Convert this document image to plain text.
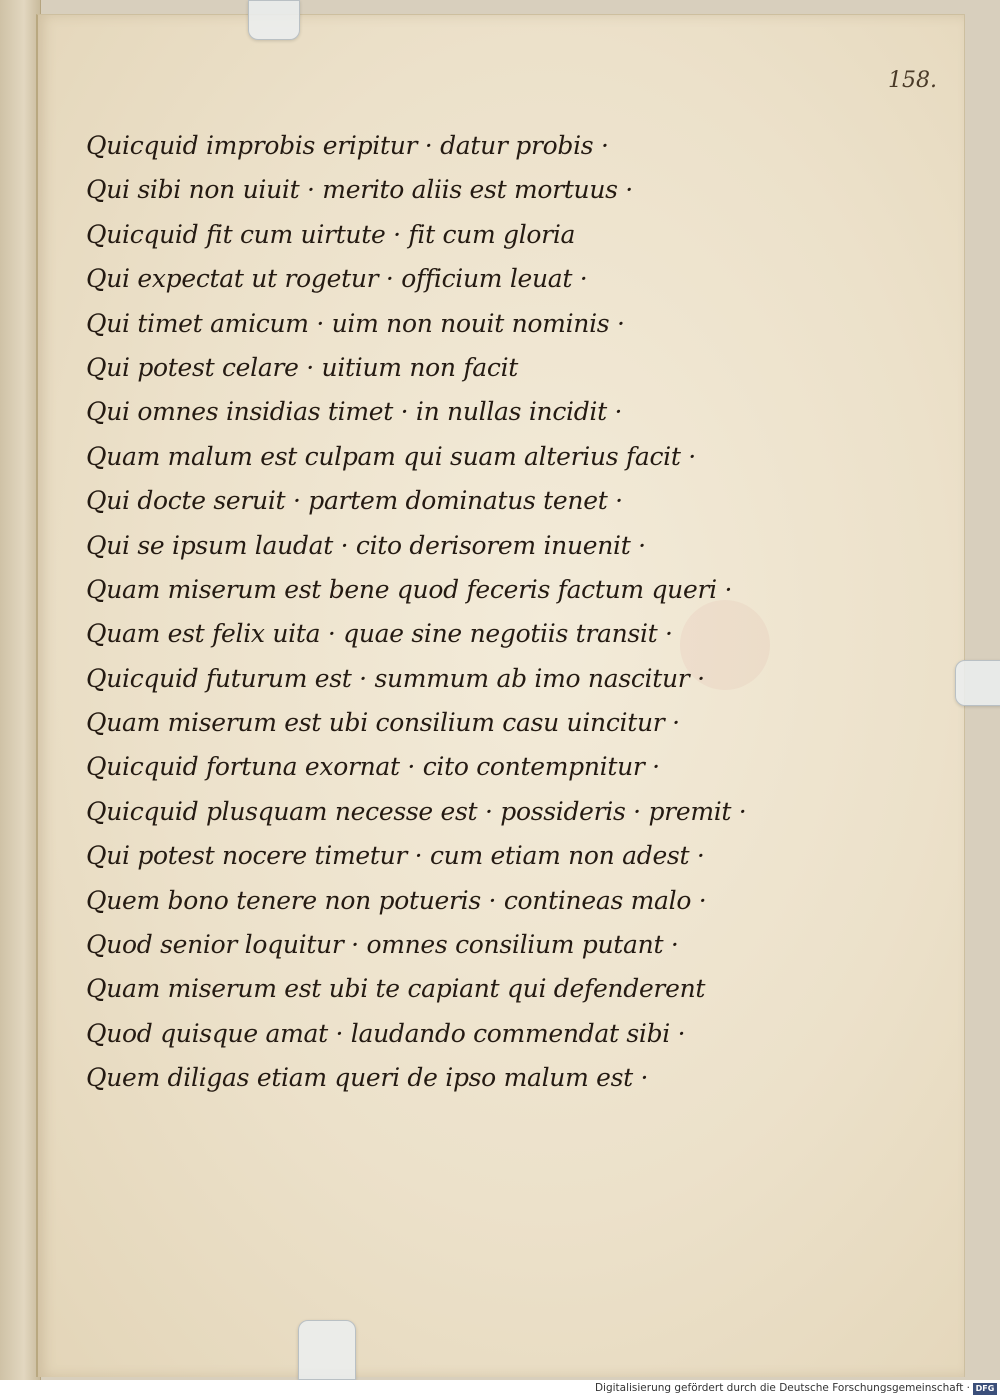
158.
Quicquid improbis eripitur · datur probis ·
Qui sibi non uiuit · merito aliis est mortuus ·
Quicquid fit cum uirtute · fit cum gloria
Qui expectat ut rogetur · officium leuat ·
Qui timet amicum · uim non nouit nominis ·
Qui potest celare · uitium non facit
Qui omnes insidias timet · in nullas incidit ·
Quam malum est culpam qui suam alterius facit ·
Qui docte seruit · partem dominatus tenet ·
Qui se ipsum laudat · cito derisorem inuenit ·
Quam miserum est bene quod feceris factum queri ·
Quam est felix uita · quae sine negotiis transit ·
Quicquid futurum est · summum ab imo nascitur ·
Quam miserum est ubi consilium casu uincitur ·
Quicquid fortuna exornat · cito contempnitur ·
Quicquid plusquam necesse est · possideris · premit ·
Qui potest nocere timetur · cum etiam non adest ·
Quem bono tenere non potueris · contineas malo ·
Quod senior loquitur · omnes consilium putant ·
Quam miserum est ubi te capiant qui defenderent
Quod quisque amat · laudando commendat sibi ·
Quem diligas etiam queri de ipso malum est ·
Digitalisierung gefördert durch die Deutsche Forschungsgemeinschaft · DFG
